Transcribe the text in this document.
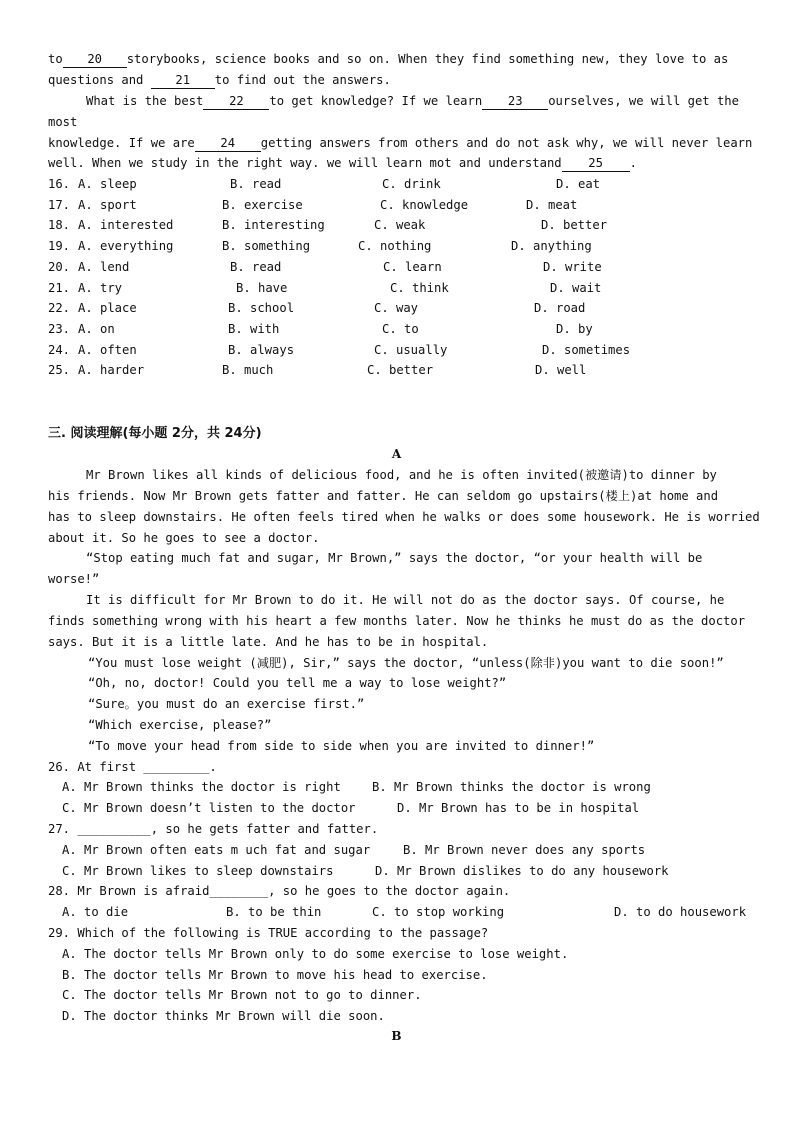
to 20 storybooks, science books and so on. When they find something new, they love to as
questions and	21 to find out the answers.
What is the best 22 to get knowledge? If we learn 23 ourselves, we will get the
most
knowledge. If we are 24 getting answers from others and do not ask why, we will never learn
well. When we study in the right way. we will learn mot and understand 25 .
16. A. sleep	B. read	C. drink	D. eat
17. A. sport	B. exercise	C. knowledge	D. meat
18. A. interested	B. interesting	C. weak	D. better
19. A. everything	B. something	C. nothing	D. anything
20. A. lend	B. read	C. learn	D. write
21. A. try	B. have	C. think	D. wait
22. A. place	B. school	C. way	D. road
23. A. on	B. with	C. to	D. by
24. A. often	B. always	C. usually	D. sometimes
25. A. harder	B. much	C. better	D. well
三. 阅读理解(每小题 2分，共 24分)
A
Mr Brown likes all kinds of delicious food, and he is often invited(被邀请)to dinner by
his friends. Now Mr Brown gets fatter and fatter. He can seldom go upstairs(楼上)at home and
has to sleep downstairs. He often feels tired when he walks or does some housework. He is worried
about it. So he goes to see a doctor.
“Stop eating much fat and sugar, Mr Brown,” says the doctor, “or your health will be
worse!”
It is difficult for Mr Brown to do it. He will not do as the doctor says. Of course, he
finds something wrong with his heart a few months later. Now he thinks he must do as the doctor
says. But it is a little late. And he has to be in hospital.
“You must lose weight (减肥), Sir,” says the doctor, “unless(除非)you want to die soon!”
“Oh, no, doctor! Could you tell me a way to lose weight?”
“Sure。you must do an exercise first.”
“Which exercise, please?”
“To move your head from side to side when you are invited to dinner!”
26. At first _________.
A. Mr Brown thinks the doctor is right	B. Mr Brown thinks the doctor is wrong
C. Mr Brown doesn’t listen to the doctor	D. Mr Brown has to be in hospital
27. __________, so he gets fatter and fatter.
A. Mr Brown often eats m uch fat and sugar	B. Mr Brown never does any sports
C. Mr Brown likes to sleep downstairs	D. Mr Brown dislikes to do any housework
28. Mr Brown is afraid________, so he goes to the doctor again.
A. to die	B. to be thin	C. to stop working	D. to do housework
29. Which of the following is TRUE according to the passage?
A. The doctor tells Mr Brown only to do some exercise to lose weight.
B. The doctor tells Mr Brown to move his head to exercise.
C. The doctor tells Mr Brown not to go to dinner.
D. The doctor thinks Mr Brown will die soon.
B
